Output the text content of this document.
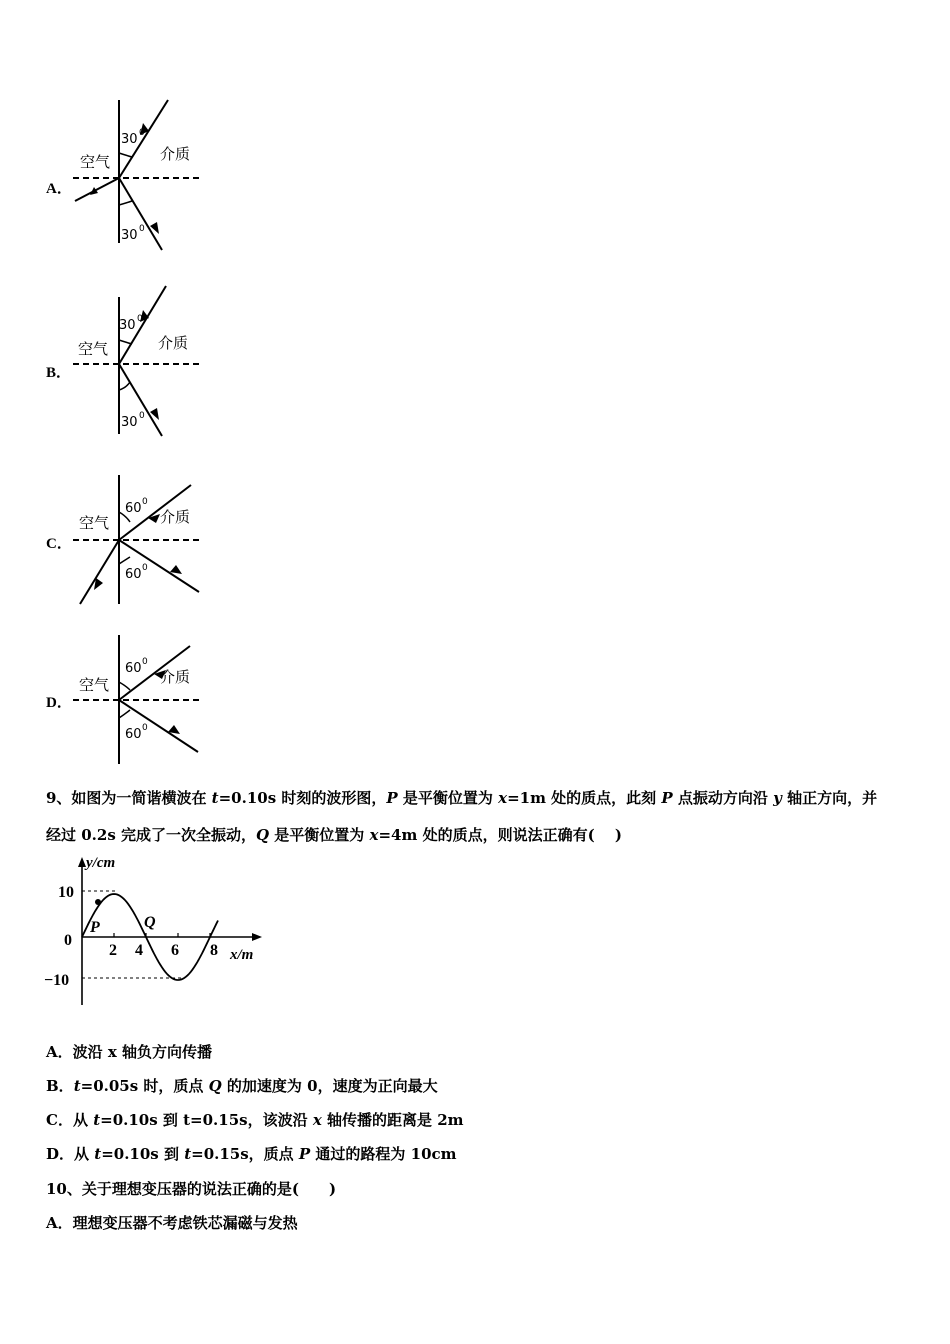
A．
30 0
30 0
空气	介质
B．
30 0
30 0
空气	介质
C．
60 0
60 0
空气	介质
D．
60 0
60 0
空气	介质
9、如图为一简谐横波在 t=0.10s 时刻的波形图，P 是平衡位置为 x=1m 处的质点，此刻 P 点振动方向沿 y 轴正方向，并
经过 0.2s 完成了一次全振动，Q 是平衡位置为 x=4m 处的质点，则说法正确有(　 )
y/cm
x/m
10
0
−10
2 4 6 8
P	Q
A．波沿 x 轴负方向传播
B．t=0.05s 时，质点 Q 的加速度为 0，速度为正向最大
C．从 t=0.10s 到 t=0.15s，该波沿 x 轴传播的距离是 2m
D．从 t=0.10s 到 t=0.15s，质点 P 通过的路程为 10cm
10、关于理想变压器的说法正确的是(　　)
A．理想变压器不考虑铁芯漏磁与发热
